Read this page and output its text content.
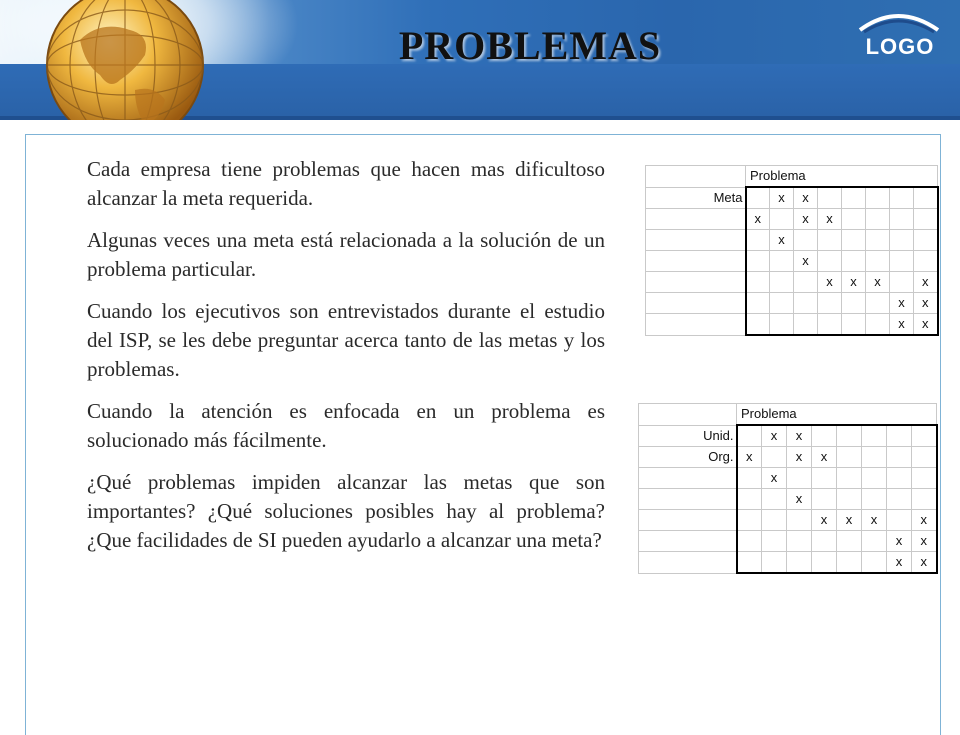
PROBLEMAS	LOGO

Cada empresa tiene problemas que hacen mas dificultoso alcanzar la meta requerida.

Algunas veces una meta está relacionada a la solución de un problema particular.

Cuando los ejecutivos son entrevistados durante el estudio del ISP, se les debe preguntar acerca tanto de las metas y los problemas.

Cuando la atención es enfocada en un problema es solucionado más fácilmente.

¿Qué problemas impiden alcanzar las metas que son importantes? ¿Qué soluciones posibles hay al problema? ¿Que facilidades de SI pueden ayudarlo a alcanzar una meta?

	Problema							
Meta		x	x					
	x		x	x				
		x						
			x					
				x	x	x		x
							x	x
							x	x
	Problema							
Unid.		x	x					
Org.	x		x	x				
		x						
			x					
				x	x	x		x
							x	x
							x	x
